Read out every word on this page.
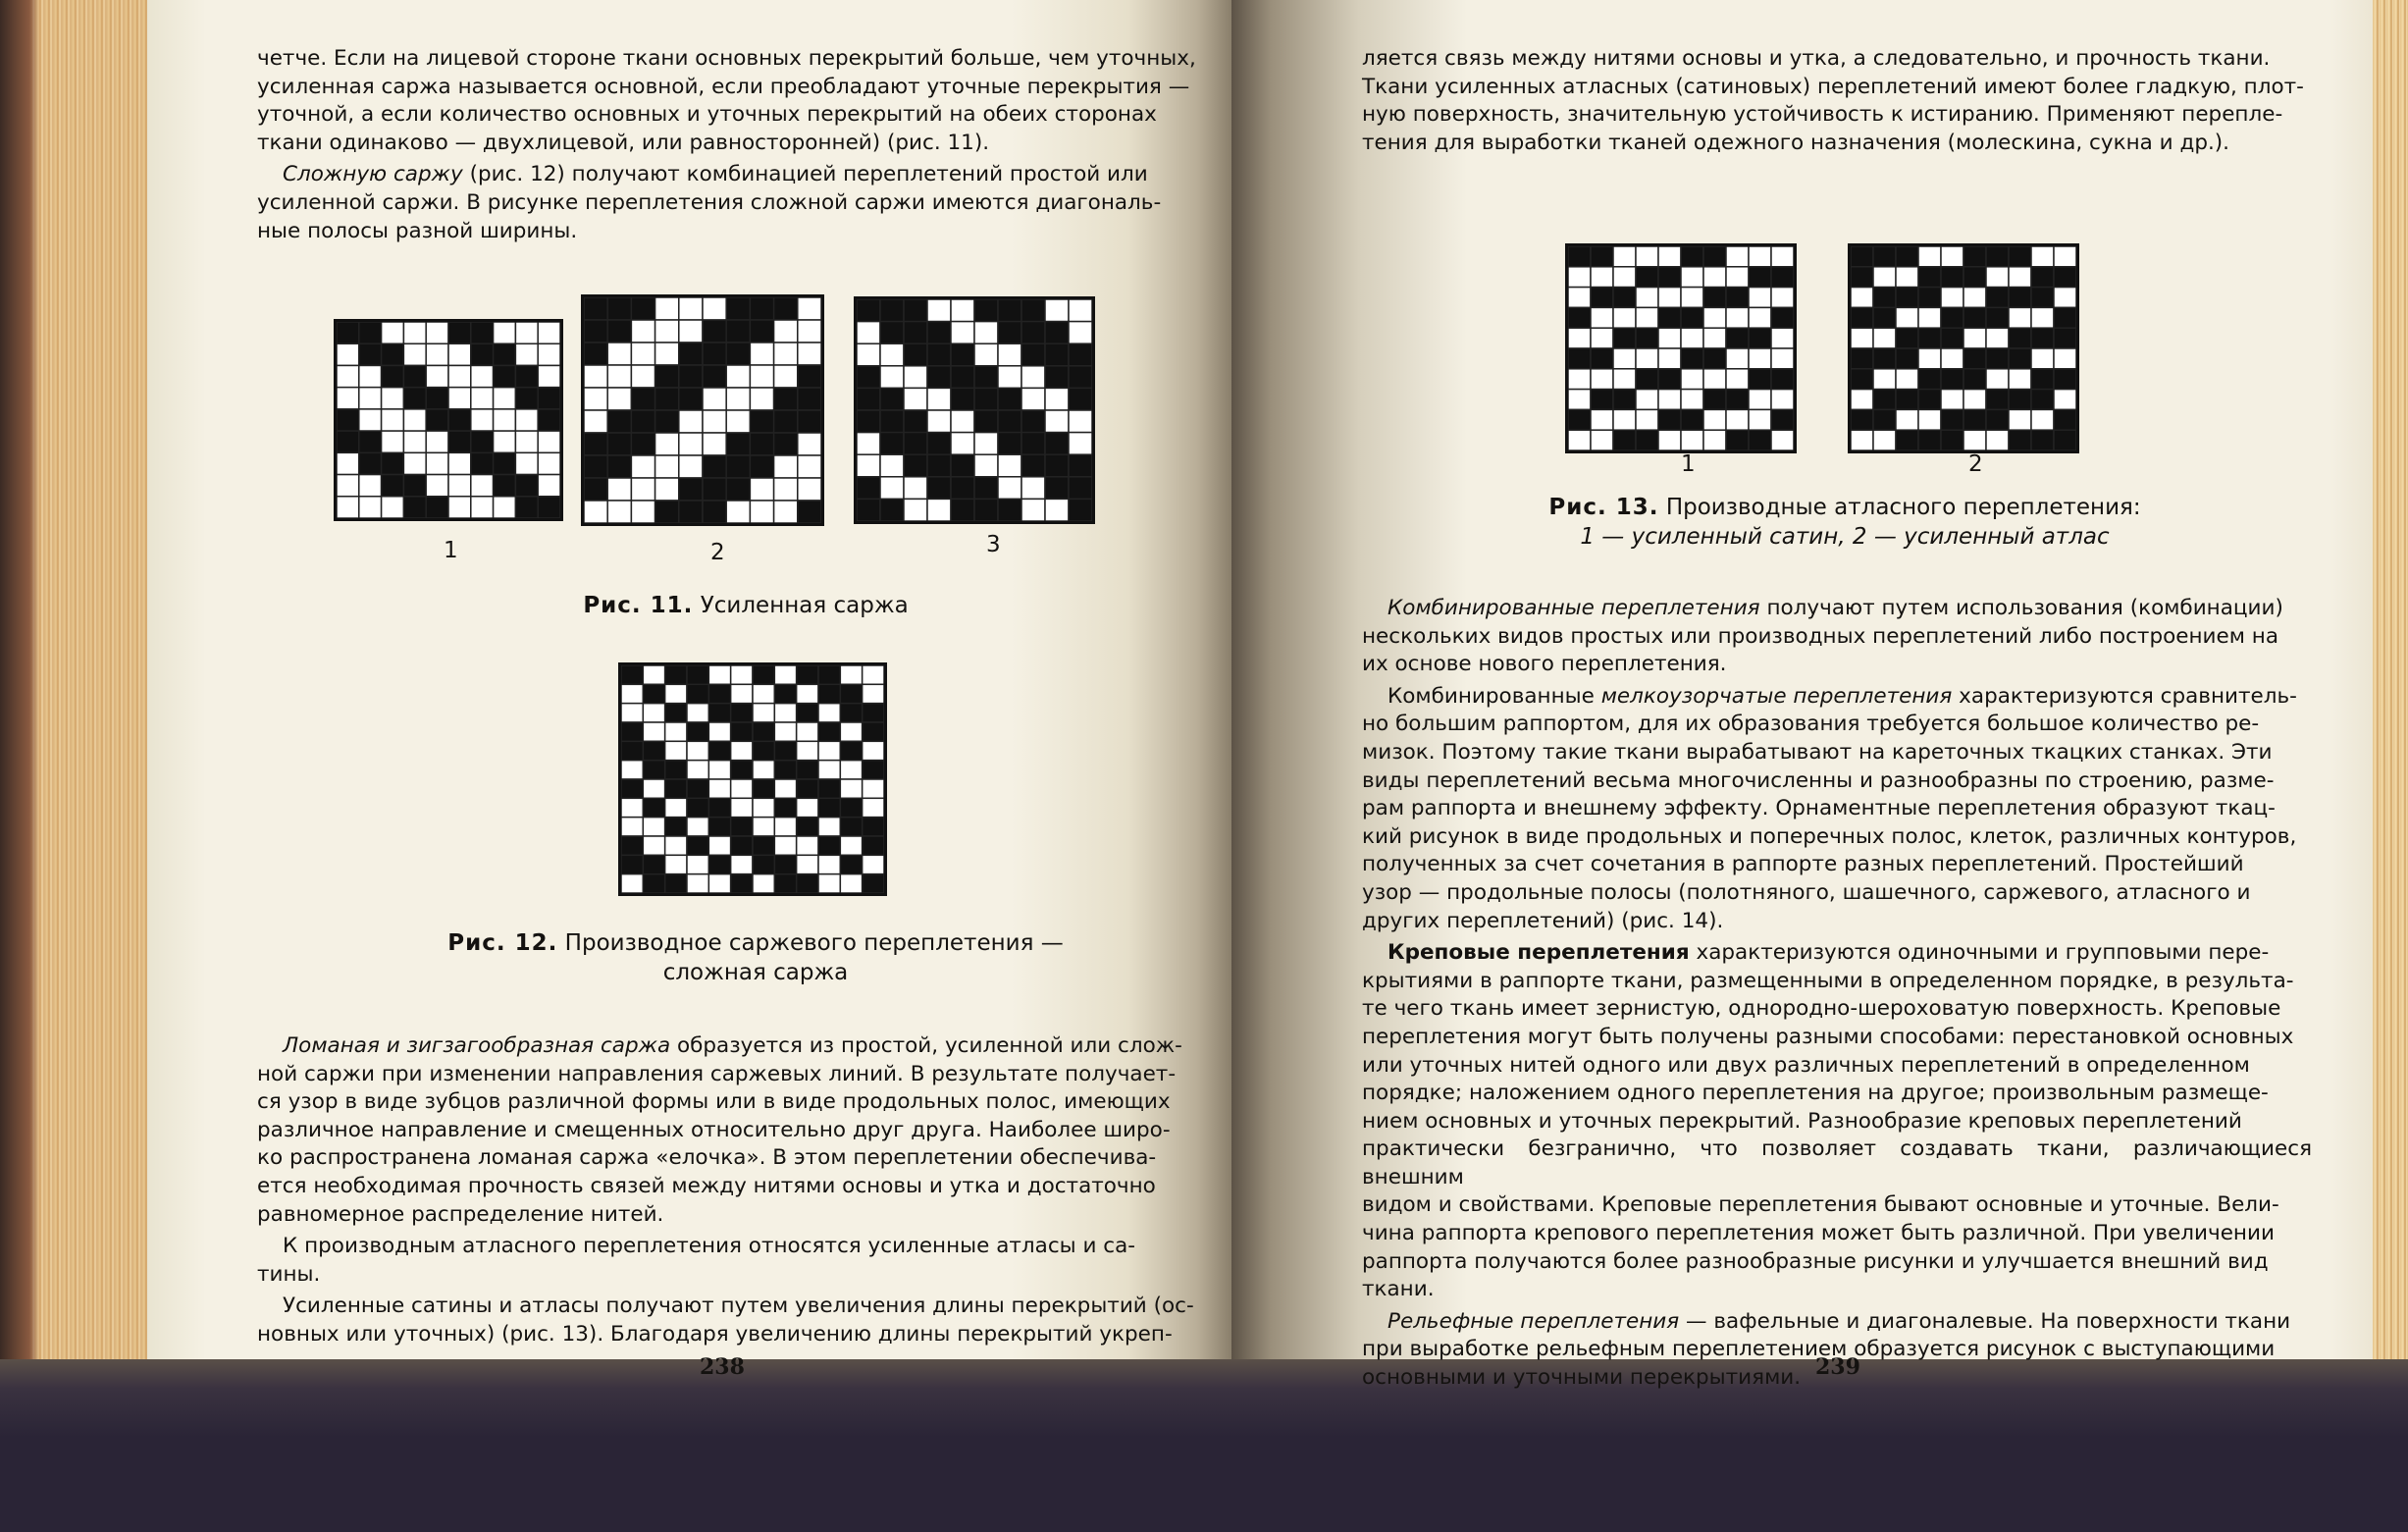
четче. Если на лицевой стороне ткани основных перекрытий больше, чем уточных,

усиленная саржа называется основной, если преобладают уточные перекрытия —

уточной, а если количество основных и уточных перекрытий на обеих сторонах

ткани одинаково — двухлицевой, или равносторонней) (рис. 11).

Сложную саржу (рис. 12) получают комбинацией переплетений простой или

усиленной саржи. В рисунке переплетения сложной саржи имеются диагональ-

ные полосы разной ширины.

1	2	3
Рис. 11. Усиленная саржа
Рис. 12. Производное саржевого переплетения —
сложная саржа

Ломаная и зигзагообразная саржа образуется из простой, усиленной или слож-

ной саржи при изменении направления саржевых линий. В результате получает-

ся узор в виде зубцов различной формы или в виде продольных полос, имеющих

различное направление и смещенных относительно друг друга. Наиболее широ-

ко распространена ломаная саржа «елочка». В этом переплетении обеспечива-

ется необходимая прочность связей между нитями основы и утка и достаточно

равномерное распределение нитей.

К производным атласного переплетения относятся усиленные атласы и са-

тины.

Усиленные сатины и атласы получают путем увеличения длины перекрытий (ос-

новных или уточных) (рис. 13). Благодаря увеличению длины перекрытий укреп-

238

ляется связь между нитями основы и утка, а следовательно, и прочность ткани.

Ткани усиленных атласных (сатиновых) переплетений имеют более гладкую, плот-

ную поверхность, значительную устойчивость к истиранию. Применяют переплe-

тения для выработки тканей одежного назначения (молескина, сукна и др.).

1	2
Рис. 13. Производные атласного переплетения:
1 — усиленный сатин, 2 — усиленный атлас

Комбинированные переплетения получают путем использования (комбинации)

нескольких видов простых или производных переплетений либо построением на

их основе нового переплетения.

Комбинированные мелкоузорчатые переплетения характеризуются сравнитель-

но большим раппортом, для их образования требуется большое количество ре-

мизок. Поэтому такие ткани вырабатывают на кареточных ткацких станках. Эти

виды переплетений весьма многочисленны и разнообразны по строению, разме-

рам раппорта и внешнему эффекту. Орнаментные переплетения образуют ткац-

кий рисунок в виде продольных и поперечных полос, клеток, различных контуров,

полученных за счет сочетания в раппорте разных переплетений. Простейший

узор — продольные полосы (полотняного, шашечного, саржевого, атласного и

других переплетений) (рис. 14).

Креповые переплетения характеризуются одиночными и групповыми пере-

крытиями в раппорте ткани, размещенными в определенном порядке, в результа-

те чего ткань имеет зернистую, однородно-шероховатую поверхность. Креповые

переплетения могут быть получены разными способами: перестановкой основных

или уточных нитей одного или двух различных переплетений в определенном

порядке; наложением одного переплетения на другое; произвольным размеще-

нием основных и уточных перекрытий. Разнообразие креповых переплетений

практически безгранично, что позволяет создавать ткани, различающиеся внешним

видом и свойствами. Креповые переплетения бывают основные и уточные. Вели-

чина раппорта крепового переплетения может быть различной. При увеличении

раппорта получаются более разнообразные рисунки и улучшается внешний вид

ткани.

Рельефные переплетения — вафельные и диагоналевые. На поверхности ткани

при выработке рельефным переплетением образуется рисунок с выступающими

основными и уточными перекрытиями. 239
